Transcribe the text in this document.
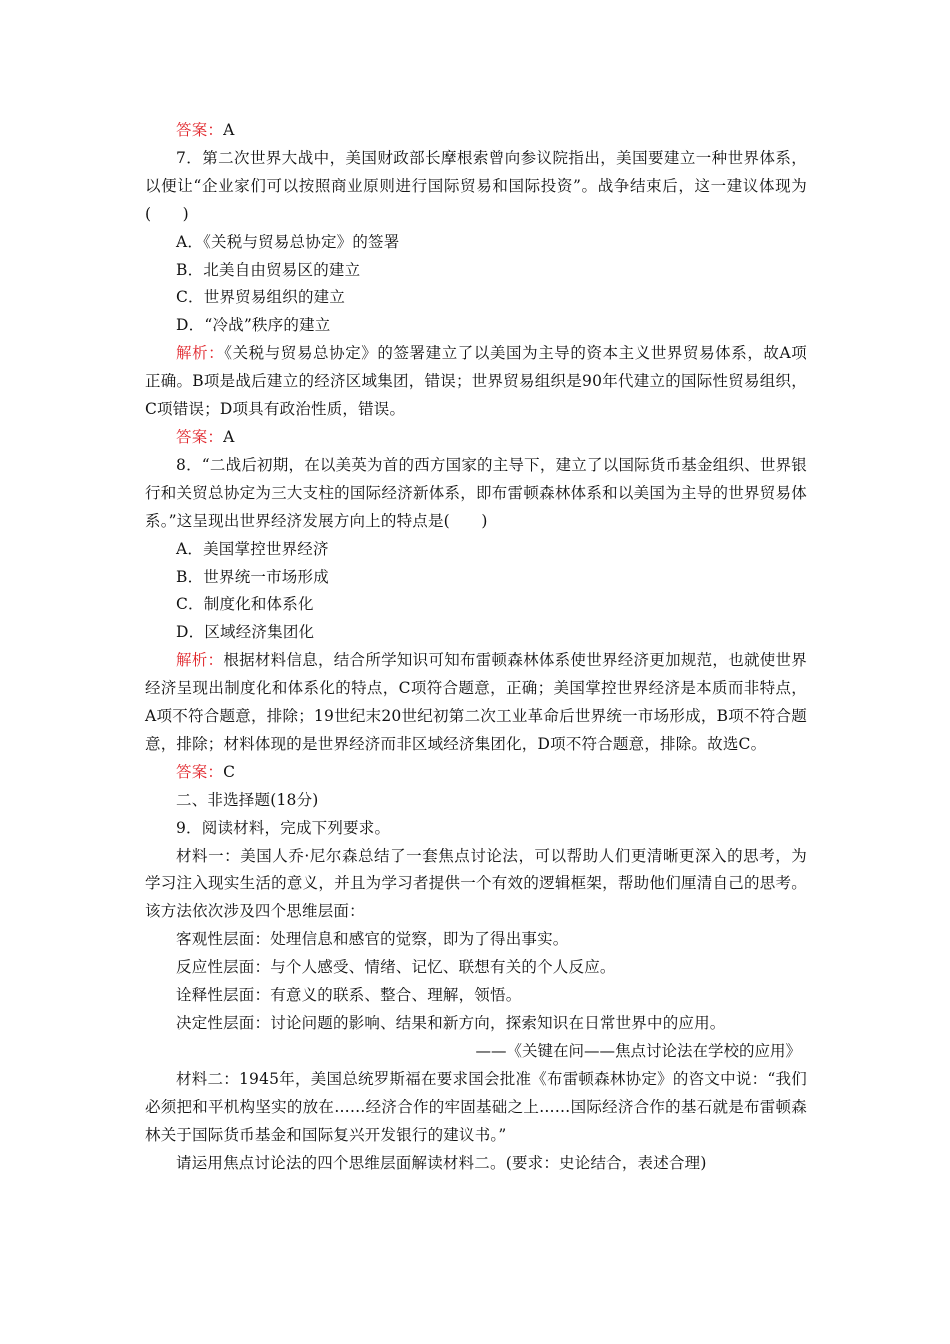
答案：A

7．第二次世界大战中，美国财政部长摩根索曾向参议院指出，美国要建立一种世界体系，以便让“企业家们可以按照商业原则进行国际贸易和国际投资”。战争结束后，这一建议体现为(　　)

A．《关税与贸易总协定》的签署

B．北美自由贸易区的建立

C．世界贸易组织的建立

D．“冷战”秩序的建立

解析：《关税与贸易总协定》的签署建立了以美国为主导的资本主义世界贸易体系，故A项正确。B项是战后建立的经济区域集团，错误；世界贸易组织是90年代建立的国际性贸易组织，C项错误；D项具有政治性质，错误。

答案：A

8．“二战后初期，在以美英为首的西方国家的主导下，建立了以国际货币基金组织、世界银行和关贸总协定为三大支柱的国际经济新体系，即布雷顿森林体系和以美国为主导的世界贸易体系。”这呈现出世界经济发展方向上的特点是(　　)

A．美国掌控世界经济

B．世界统一市场形成

C．制度化和体系化

D．区域经济集团化

解析：根据材料信息，结合所学知识可知布雷顿森林体系使世界经济更加规范，也就使世界经济呈现出制度化和体系化的特点，C项符合题意，正确；美国掌控世界经济是本质而非特点，A项不符合题意，排除；19世纪末20世纪初第二次工业革命后世界统一市场形成，B项不符合题意，排除；材料体现的是世界经济而非区域经济集团化，D项不符合题意，排除。故选C。

答案：C

二、非选择题(18分)

9．阅读材料，完成下列要求。

材料一：美国人乔·尼尔森总结了一套焦点讨论法，可以帮助人们更清晰更深入的思考，为学习注入现实生活的意义，并且为学习者提供一个有效的逻辑框架，帮助他们厘清自己的思考。该方法依次涉及四个思维层面：

客观性层面：处理信息和感官的觉察，即为了得出事实。

反应性层面：与个人感受、情绪、记忆、联想有关的个人反应。

诠释性层面：有意义的联系、整合、理解，领悟。

决定性层面：讨论问题的影响、结果和新方向，探索知识在日常世界中的应用。

——《关键在问——焦点讨论法在学校的应用》

材料二：1945年，美国总统罗斯福在要求国会批准《布雷顿森林协定》的咨文中说：“我们必须把和平机构坚实的放在……经济合作的牢固基础之上……国际经济合作的基石就是布雷顿森林关于国际货币基金和国际复兴开发银行的建议书。”

请运用焦点讨论法的四个思维层面解读材料二。(要求：史论结合，表述合理)
